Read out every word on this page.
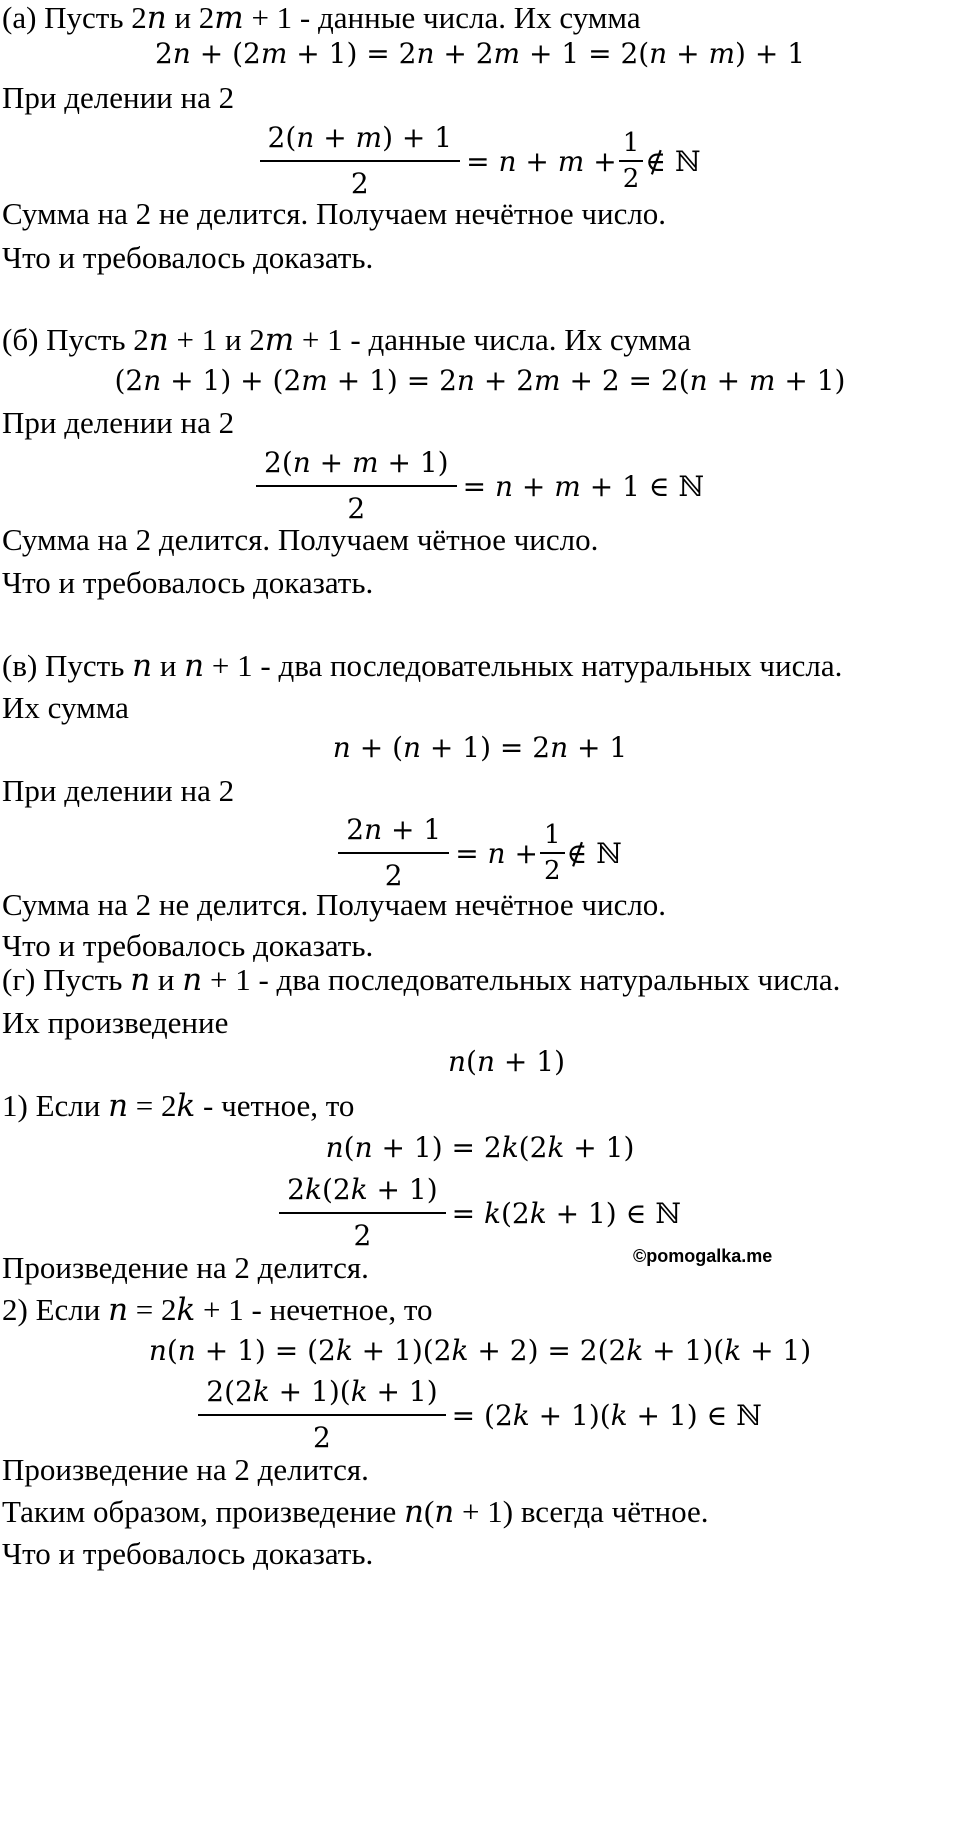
(а) Пусть 2𝑛 и 2𝑚 + 1 - данные числа. Их сумма
2𝑛 + (2𝑚 + 1) = 2𝑛 + 2𝑚 + 1 = 2(𝑛 + 𝑚) + 1
При делении на 2
$\frac{\text{2(𝑛 + 𝑚) + 1}}{2}$ = 𝑛 + 𝑚 + $\frac{1}{2}$ ∉ ℕ
Сумма на 2 не делится. Получаем нечётное число.
Что и требовалось доказать.
(б) Пусть 2𝑛 + 1 и 2𝑚 + 1 - данные числа. Их сумма
(2𝑛 + 1) + (2𝑚 + 1) = 2𝑛 + 2𝑚 + 2 = 2(𝑛 + 𝑚 + 1)
При делении на 2
$\frac{\text{2(𝑛 + 𝑚 + 1)}}{2}$ = 𝑛 + 𝑚 + 1 ∈ ℕ
Сумма на 2 делится. Получаем чётное число.
Что и требовалось доказать.
(в) Пусть 𝑛 и 𝑛 + 1 - два последовательных натуральных числа.
Их сумма
𝑛 + (𝑛 + 1) = 2𝑛 + 1
При делении на 2
$\frac{\text{2𝑛 + 1}}{2}$ = 𝑛 + $\frac{1}{2}$ ∉ ℕ
Сумма на 2 не делится. Получаем нечётное число.
Что и требовалось доказать.
(г) Пусть 𝑛 и 𝑛 + 1 - два последовательных натуральных числа.
Их произведение
𝑛(𝑛 + 1)
©pomogalka.me
1) Если 𝑛 = 2𝑘 - четное, то
𝑛(𝑛 + 1) = 2𝑘(2𝑘 + 1)
$\frac{\text{2𝑘(2𝑘 + 1)}}{2}$ = 𝑘(2𝑘 + 1) ∈ ℕ
Произведение на 2 делится.
2) Если 𝑛 = 2𝑘 + 1 - нечетное, то
𝑛(𝑛 + 1) = (2𝑘 + 1)(2𝑘 + 2) = 2(2𝑘 + 1)(𝑘 + 1)
$\frac{\text{2(2𝑘 + 1)(𝑘 + 1)}}{2}$ = (2𝑘 + 1)(𝑘 + 1) ∈ ℕ
Произведение на 2 делится.
Таким образом, произведение 𝑛(𝑛 + 1) всегда чётное.
Что и требовалось доказать.
